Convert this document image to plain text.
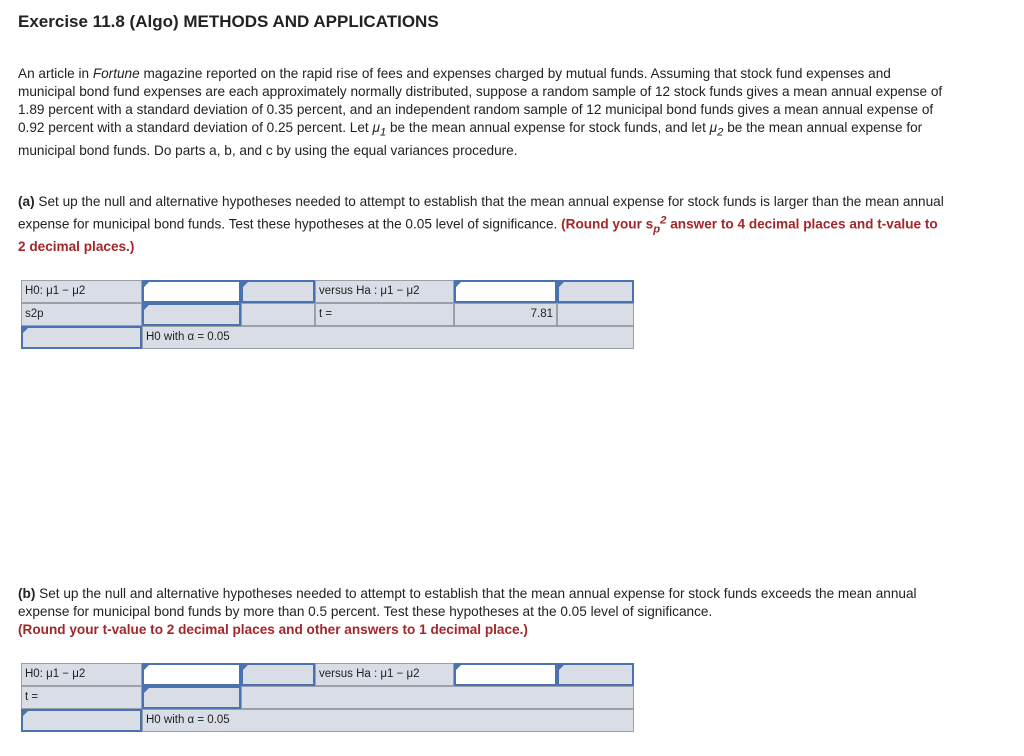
Exercise 11.8 (Algo) METHODS AND APPLICATIONS

An article in Fortune magazine reported on the rapid rise of fees and expenses charged by mutual funds. Assuming that stock fund expenses and municipal bond fund expenses are each approximately normally distributed, suppose a random sample of 12 stock funds gives a mean annual expense of 1.89 percent with a standard deviation of 0.35 percent, and an independent random sample of 12 municipal bond funds gives a mean annual expense of 0.92 percent with a standard deviation of 0.25 percent. Let $\mu_1$ be the mean annual expense for stock funds, and let $\mu_2$ be the mean annual expense for municipal bond funds. Do parts a, b, and c by using the equal variances procedure.

(a) Set up the null and alternative hypotheses needed to attempt to establish that the mean annual expense for stock funds is larger than the mean annual expense for municipal bond funds. Test these hypotheses at the 0.05 level of significance. (Round your $s_p^2$ answer to 4 decimal places and t-value to 2 decimal places.)

H0: μ1 − μ2	versus Ha : μ1 − μ2
s2p	t =	7.81
H0 with α = 0.05

(b) Set up the null and alternative hypotheses needed to attempt to establish that the mean annual expense for stock funds exceeds the mean annual expense for municipal bond funds by more than 0.5 percent. Test these hypotheses at the 0.05 level of significance.
(Round your t-value to 2 decimal places and other answers to 1 decimal place.)

H0: μ1 − μ2	versus Ha : μ1 − μ2
t =
H0 with α = 0.05
